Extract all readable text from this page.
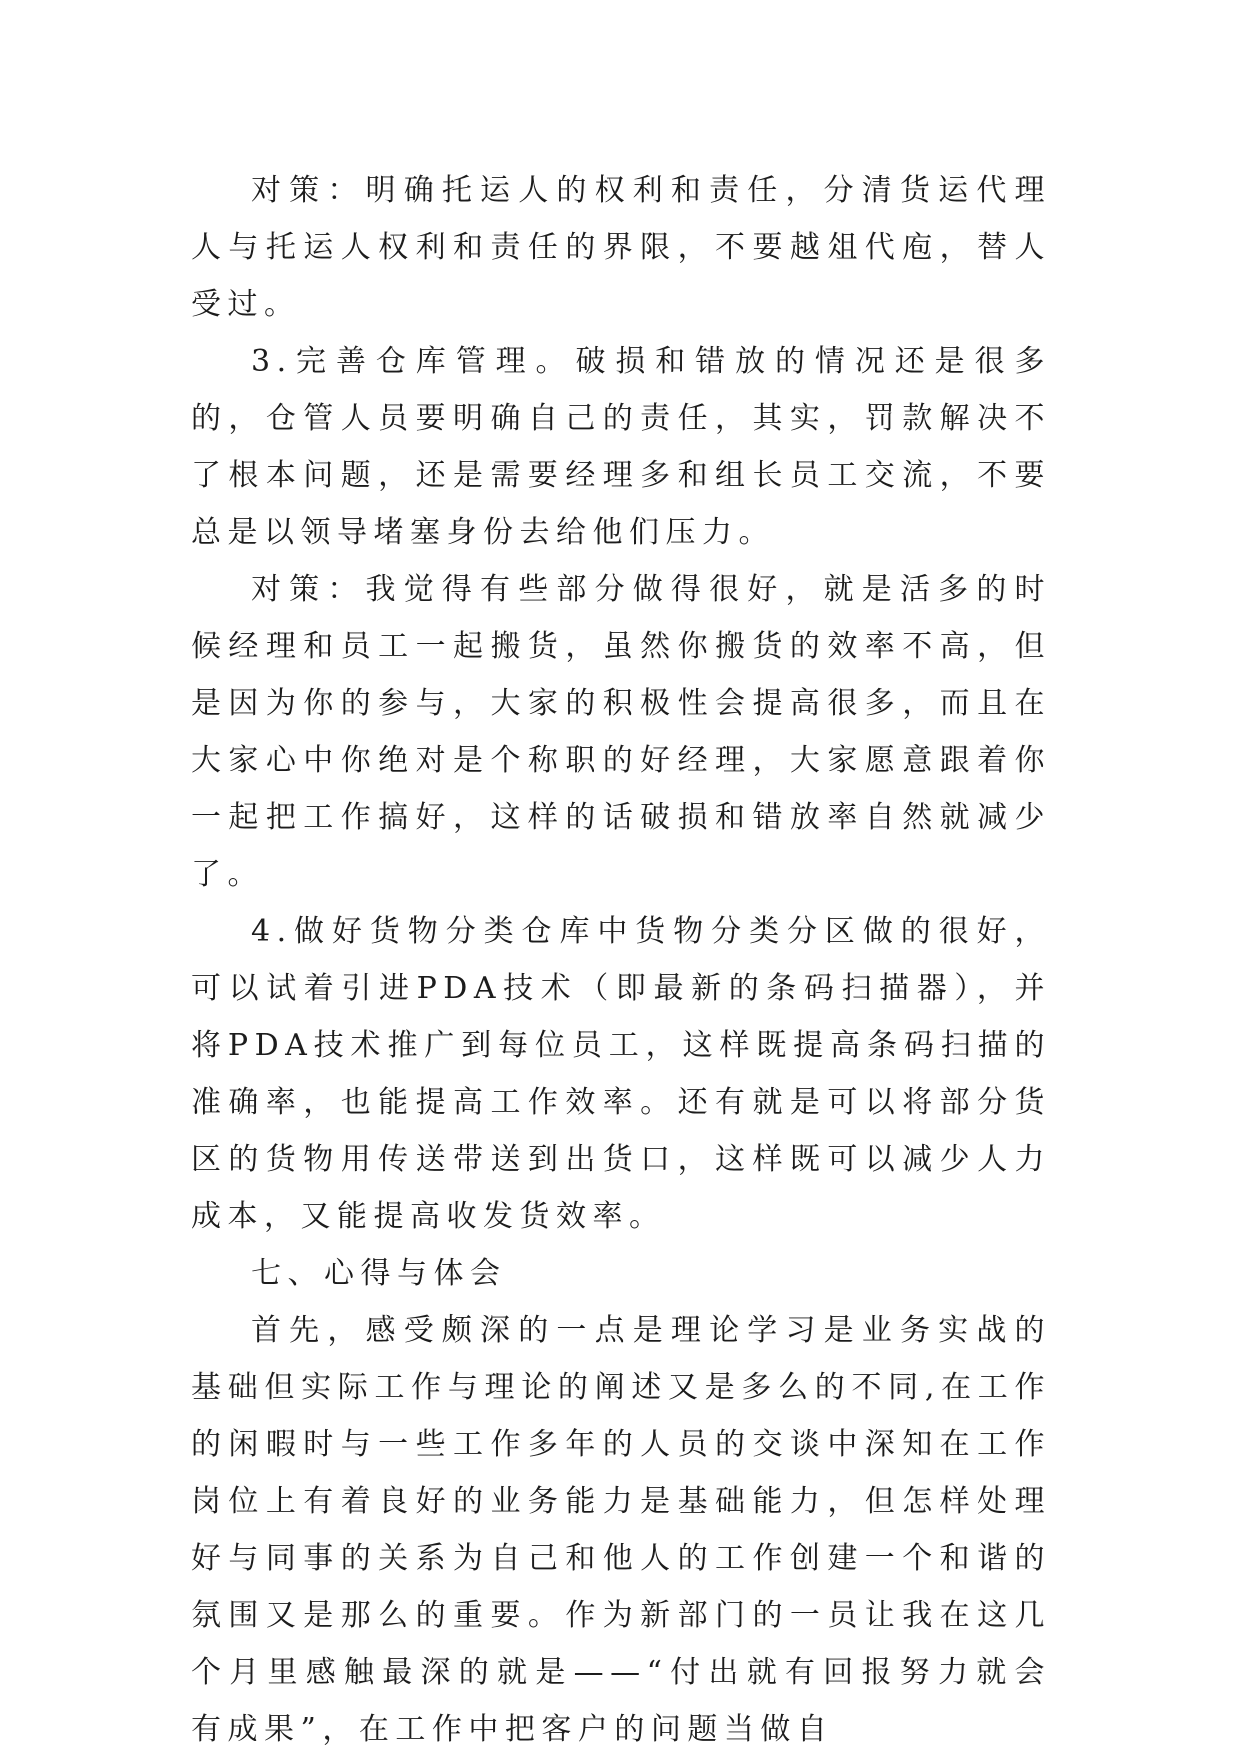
对策：明确托运人的权利和责任，分清货运代理人与托运人权利和责任的界限，不要越俎代庖，替人受过。

3.完善仓库管理。破损和错放的情况还是很多的，仓管人员要明确自己的责任，其实，罚款解决不了根本问题，还是需要经理多和组长员工交流，不要总是以领导堵塞身份去给他们压力。

对策：我觉得有些部分做得很好，就是活多的时候经理和员工一起搬货，虽然你搬货的效率不高，但是因为你的参与，大家的积极性会提高很多，而且在大家心中你绝对是个称职的好经理，大家愿意跟着你一起把工作搞好，这样的话破损和错放率自然就减少了。

4.做好货物分类仓库中货物分类分区做的很好，可以试着引进PDA技术（即最新的条码扫描器），并将PDA技术推广到每位员工，这样既提高条码扫描的准确率，也能提高工作效率。还有就是可以将部分货区的货物用传送带送到出货口，这样既可以减少人力成本，又能提高收发货效率。

七、心得与体会

首先，感受颇深的一点是理论学习是业务实战的基础但实际工作与理论的阐述又是多么的不同,在工作的闲暇时与一些工作多年的人员的交谈中深知在工作岗位上有着良好的业务能力是基础能力，但怎样处理好与同事的关系为自己和他人的工作创建一个和谐的氛围又是那么的重要。作为新部门的一员让我在这几个月里感触最深的就是——“付出就有回报努力就会有成果”，在工作中把客户的问题当做自
